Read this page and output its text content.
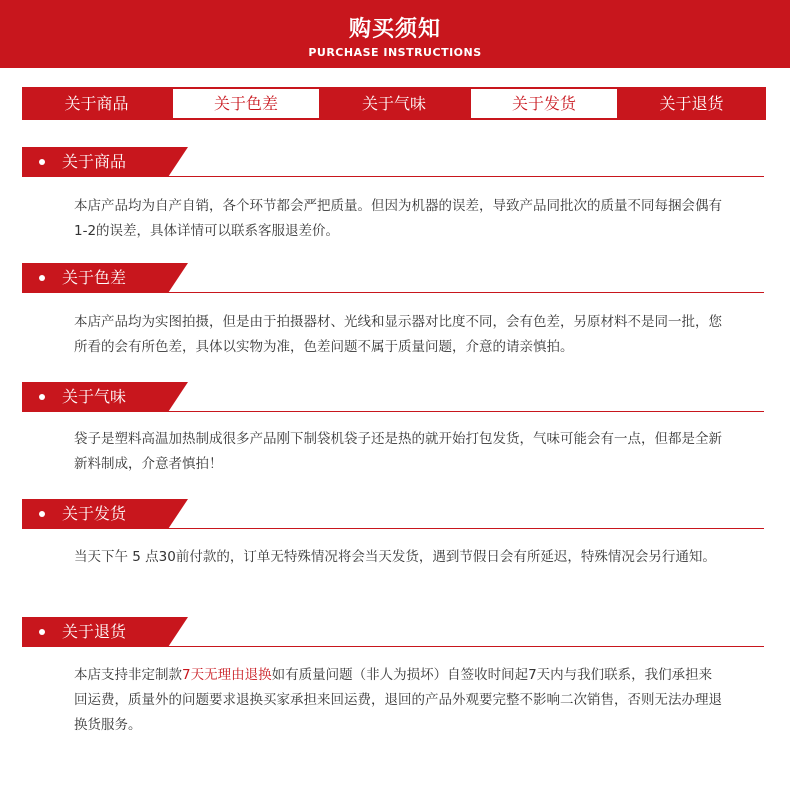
购买须知
PURCHASE INSTRUCTIONS
关于商品	关于色差	关于气味	关于发货	关于退货
关于商品
本店产品均为自产自销，各个环节都会严把质量。但因为机器的误差，导致产品同批次的质量不同每捆会偶有1-2的误差，具体详情可以联系客服退差价。
关于色差
本店产品均为实图拍摄，但是由于拍摄器材、光线和显示器对比度不同，会有色差，另原材料不是同一批，您所看的会有所色差，具体以实物为准，色差问题不属于质量问题，介意的请亲慎拍。
关于气味
袋子是塑料高温加热制成很多产品刚下制袋机袋子还是热的就开始打包发货，气味可能会有一点，但都是全新新料制成，介意者慎拍！
关于发货
当天下午 5 点30前付款的，订单无特殊情况将会当天发货，遇到节假日会有所延迟，特殊情况会另行通知。
关于退货
本店支持非定制款7天无理由退换如有质量问题（非人为损坏）自签收时间起7天内与我们联系，我们承担来回运费，质量外的问题要求退换买家承担来回运费，退回的产品外观要完整不影响二次销售，否则无法办理退换货服务。
